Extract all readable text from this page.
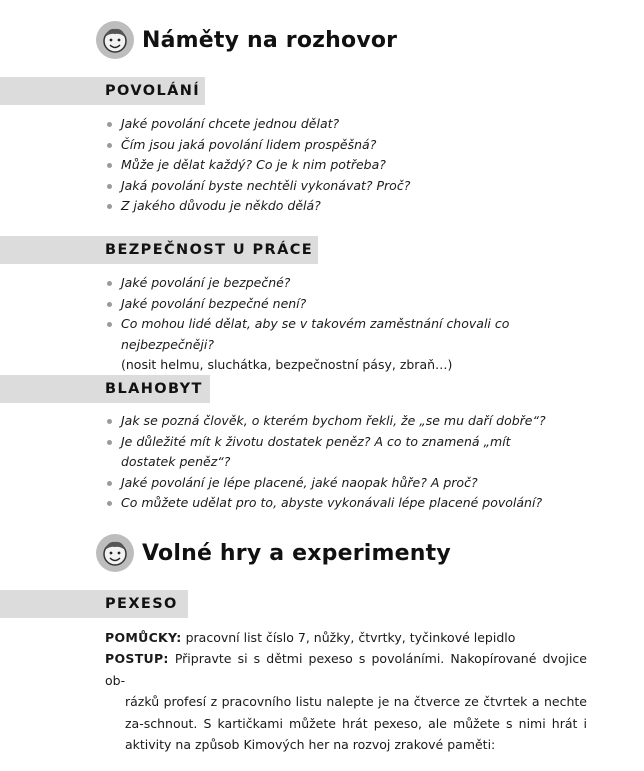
Náměty na rozhovor
POVOLÁNÍ
Jaké povolání chcete jednou dělat?
Čím jsou jaká povolání lidem prospěšná?
Může je dělat každý? Co je k nim potřeba?
Jaká povolání byste nechtěli vykonávat? Proč?
Z jakého důvodu je někdo dělá?
BEZPEČNOST U PRÁCE
Jaké povolání je bezpečné?
Jaké povolání bezpečné není?
Co mohou lidé dělat, aby se v takovém zaměstnání chovali co nejbezpečněji?
(nosit helmu, sluchátka, bezpečnostní pásy, zbraň…)
BLAHOBYT
Jak se pozná člověk, o kterém bychom řekli, že „se mu daří dobře“?
Je důležité mít k životu dostatek peněz? A co to znamená „mít dostatek peněz“?
Jaké povolání je lépe placené, jaké naopak hůře? A proč?
Co můžete udělat pro to, abyste vykonávali lépe placené povolání?
Volné hry a experimenty
PEXESO
POMŮCKY: pracovní list číslo 7, nůžky, čtvrtky, tyčinkové lepidlo
POSTUP: Připravte si s dětmi pexeso s povoláními. Nakopírované dvojice ob-
rázků profesí z pracovního listu nalepte je na čtverce ze čtvrtek a nechte za-schnout. S kartičkami můžete hrát pexeso, ale můžete s nimi hrát i aktivity na způsob Kimových her na rozvoj zrakové paměti:
